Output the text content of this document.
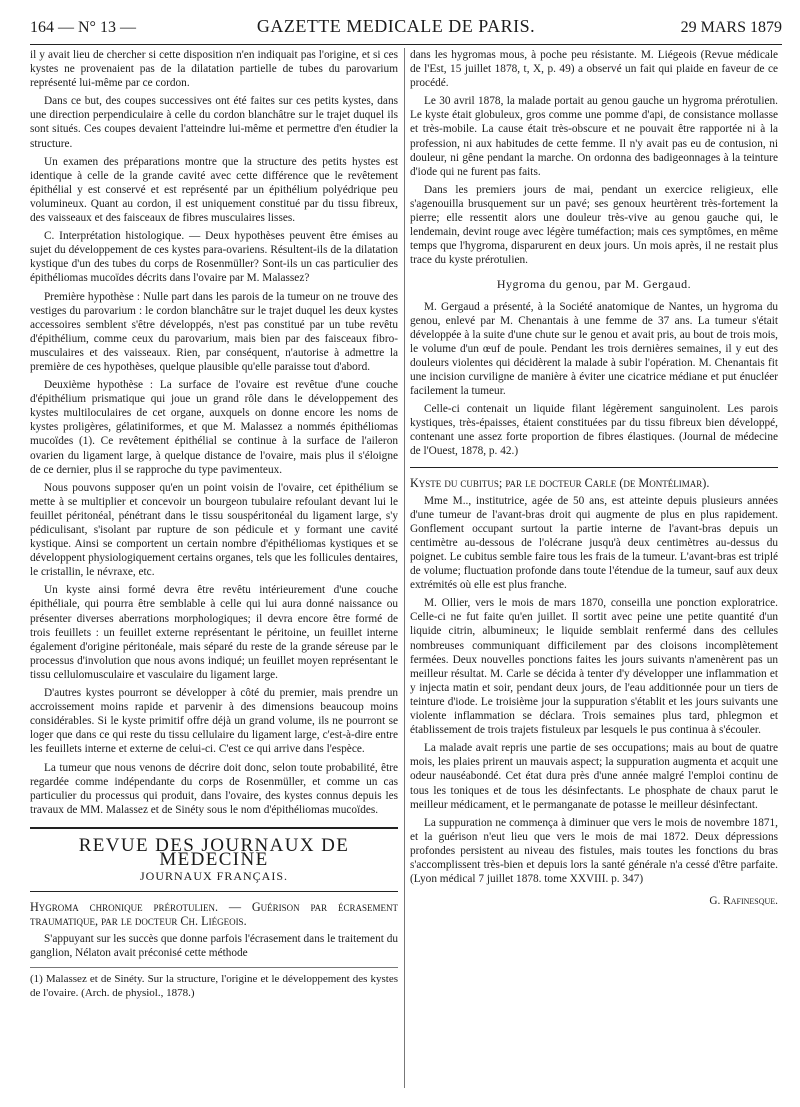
164 — N° 13 —	GAZETTE MEDICALE DE PARIS.	29 MARS 1879

il y avait lieu de chercher si cette disposition n'en indiquait pas l'origine, et si ces kystes ne provenaient pas de la dilatation partielle de tubes du parovarium représenté lui-même par ce cordon.

Dans ce but, des coupes successives ont été faites sur ces petits kystes, dans une direction perpendiculaire à celle du cordon blanchâtre sur le trajet duquel ils sont situés. Ces coupes devaient l'atteindre lui-même et permettre d'en étudier la structure.

Un examen des préparations montre que la structure des petits hystes est identique à celle de la grande cavité avec cette différence que le revêtement épithélial y est conservé et est représenté par un épithélium polyédrique peu volumineux. Quant au cordon, il est uniquement constitué par du tissu fibreux, des vaisseaux et des faisceaux de fibres musculaires lisses.

C. Interprétation histologique. — Deux hypothèses peuvent être émises au sujet du développement de ces kystes para-ovariens. Résultent-ils de la dilatation kystique d'un des tubes du corps de Rosenmüller? Sont-ils un cas particulier des épithéliomas mucoïdes décrits dans l'ovaire par M. Malassez?

Première hypothèse : Nulle part dans les parois de la tumeur on ne trouve des vestiges du parovarium : le cordon blanchâtre sur le trajet duquel les deux kystes accessoires semblent s'être développés, n'est pas constitué par un tube revêtu d'épithélium, comme ceux du parovarium, mais bien par des faisceaux fibro-musculaires et des vaisseaux. Rien, par conséquent, n'autorise à admettre la première de ces hypothèses, quelque plausible qu'elle paraisse tout d'abord.

Deuxième hypothèse : La surface de l'ovaire est revêtue d'une couche d'épithélium prismatique qui joue un grand rôle dans le développement des kystes multiloculaires de cet organe, auxquels on donne encore les noms de kystes proligères, gélatiniformes, et que M. Malassez a nommés épithéliomas mucoïdes (1). Ce revêtement épithélial se continue à la surface de l'aileron ovarien du ligament large, à quelque distance de l'ovaire, mais plus il s'éloigne de ce dernier, plus il se rapproche du type pavimenteux.

Nous pouvons supposer qu'en un point voisin de l'ovaire, cet épithélium se mette à se multiplier et concevoir un bourgeon tubulaire refoulant devant lui le feuillet péritonéal, pénétrant dans le tissu souspéritonéal du ligament large, s'y pédiculisant, s'isolant par rupture de son pédicule et y formant une cavité kystique. Ainsi se comportent un certain nombre d'épithéliomas kystiques et se développent physiologiquement certains organes, tels que les follicules dentaires, le cristallin, le névraxe, etc.

Un kyste ainsi formé devra être revêtu intérieurement d'une couche épithéliale, qui pourra être semblable à celle qui lui aura donné naissance ou présenter diverses aberrations morphologiques; il devra encore être formé de trois feuillets : un feuillet externe représentant le péritoine, un feuillet interne également d'origine péritonéale, mais séparé du reste de la grande séreuse par le processus d'involution que nous avons indiqué; un feuillet moyen représentant le tissu cellulomusculaire et vasculaire du ligament large.

D'autres kystes pourront se développer à côté du premier, mais prendre un accroissement moins rapide et parvenir à des dimensions beaucoup moins considérables. Si le kyste primitif offre déjà un grand volume, ils ne pourront se loger que dans ce qui reste du tissu cellulaire du ligament large, c'est-à-dire entre les feuillets interne et externe de celui-ci. C'est ce qui arrive dans l'espèce.

La tumeur que nous venons de décrire doit donc, selon toute probabilité, être regardée comme indépendante du corps de Rosenmüller, et comme un cas particulier du processus qui produit, dans l'ovaire, des kystes connus depuis les travaux de MM. Malassez et de Sinéty sous le nom d'épithéliomas mucoïdes.

REVUE DES JOURNAUX DE MEDECINE
JOURNAUX FRANÇAIS.
Hygroma chronique prérotulien. — Guérison par écrasement traumatique, par le docteur Ch. Liégeois.

S'appuyant sur les succès que donne parfois l'écrasement dans le traitement du ganglion, Nélaton avait préconisé cette méthode

(1) Malassez et de Sinéty. Sur la structure, l'origine et le développement des kystes de l'ovaire. (Arch. de physiol., 1878.)

dans les hygromas mous, à poche peu résistante. M. Liégeois (Revue médicale de l'Est, 15 juillet 1878, t, X, p. 49) a observé un fait qui plaide en faveur de ce procédé.

Le 30 avril 1878, la malade portait au genou gauche un hygroma prérotulien. Le kyste était globuleux, gros comme une pomme d'api, de consistance mollasse et très-mobile. La cause était très-obscure et ne pouvait être rapportée ni à la profession, ni aux habitudes de cette femme. Il n'y avait pas eu de contusion, ni douleur, ni gêne pendant la marche. On ordonna des badigeonnages à la teinture d'iode qui ne furent pas faits.

Dans les premiers jours de mai, pendant un exercice religieux, elle s'agenouilla brusquement sur un pavé; ses genoux heurtèrent très-fortement la pierre; elle ressentit alors une douleur très-vive au genou gauche qui, le lendemain, devint rouge avec légère tuméfaction; mais ces symptômes, en même temps que l'hygroma, disparurent en deux jours. Un mois après, il ne restait plus trace du kyste prérotulien.

Hygroma du genou, par M. Gergaud.

M. Gergaud a présenté, à la Société anatomique de Nantes, un hygroma du genou, enlevé par M. Chenantais à une femme de 37 ans. La tumeur s'était développée à la suite d'une chute sur le genou et avait pris, au bout de trois mois, le volume d'un œuf de poule. Pendant les trois dernières semaines, il y eut des douleurs violentes qui décidèrent la malade à subir l'opération. M. Chenantais fit une incision curviligne de manière à éviter une cicatrice médiane et put énucléer facilement la tumeur.

Celle-ci contenait un liquide filant légèrement sanguinolent. Les parois kystiques, très-épaisses, étaient constituées par du tissu fibreux bien développé, contenant une assez forte proportion de fibres élastiques. (Journal de médecine de l'Ouest, 1878, p. 42.)

Kyste du cubitus; par le docteur Carle (de Montélimar).

Mme M.., institutrice, agée de 50 ans, est atteinte depuis plusieurs années d'une tumeur de l'avant-bras droit qui augmente de plus en plus rapidement. Gonflement occupant surtout la partie interne de l'avant-bras depuis un centimètre au-dessous de l'olécrane jusqu'à deux centimètres au-dessus du poignet. Le cubitus semble faire tous les frais de la tumeur. L'avant-bras est triplé de volume; fluctuation profonde dans toute l'étendue de la tumeur, sauf aux deux extrémités où elle est plus franche.

M. Ollier, vers le mois de mars 1870, conseilla une ponction exploratrice. Celle-ci ne fut faite qu'en juillet. Il sortit avec peine une petite quantité d'un liquide citrin, albumineux; le liquide semblait renfermé dans des cellules nombreuses communiquant difficilement par des cloisons incomplètement fermées. Deux nouvelles ponctions faites les jours suivants n'amenèrent pas un meilleur résultat. M. Carle se décida à tenter d'y développer une inflammation et y injecta matin et soir, pendant deux jours, de l'eau additionnée pour un tiers de teinture d'iode. Le troisième jour la suppuration s'établit et les jours suivants une violente inflammation se déclara. Trois semaines plus tard, phlegmon et établissement de trois trajets fistuleux par lesquels le pus continua à s'écouler.

La malade avait repris une partie de ses occupations; mais au bout de quatre mois, les plaies prirent un mauvais aspect; la suppuration augmenta et acquit une odeur nauséabondé. Cet état dura près d'une année malgré l'emploi continu de tous les toniques et de tous les désinfectants. Le phosphate de chaux parut le meilleur médicament, et le permanganate de potasse le meilleur désinfectant.

La suppuration ne commença à diminuer que vers le mois de novembre 1871, et la guérison n'eut lieu que vers le mois de mai 1872. Deux dépressions profondes persistent au niveau des fistules, mais toutes les fonctions du bras s'accomplissent très-bien et depuis lors la santé générale n'a cessé d'être parfaite. (Lyon médical 7 juillet 1878. tome XXVIII. p. 347)

G. Rafinesque.
